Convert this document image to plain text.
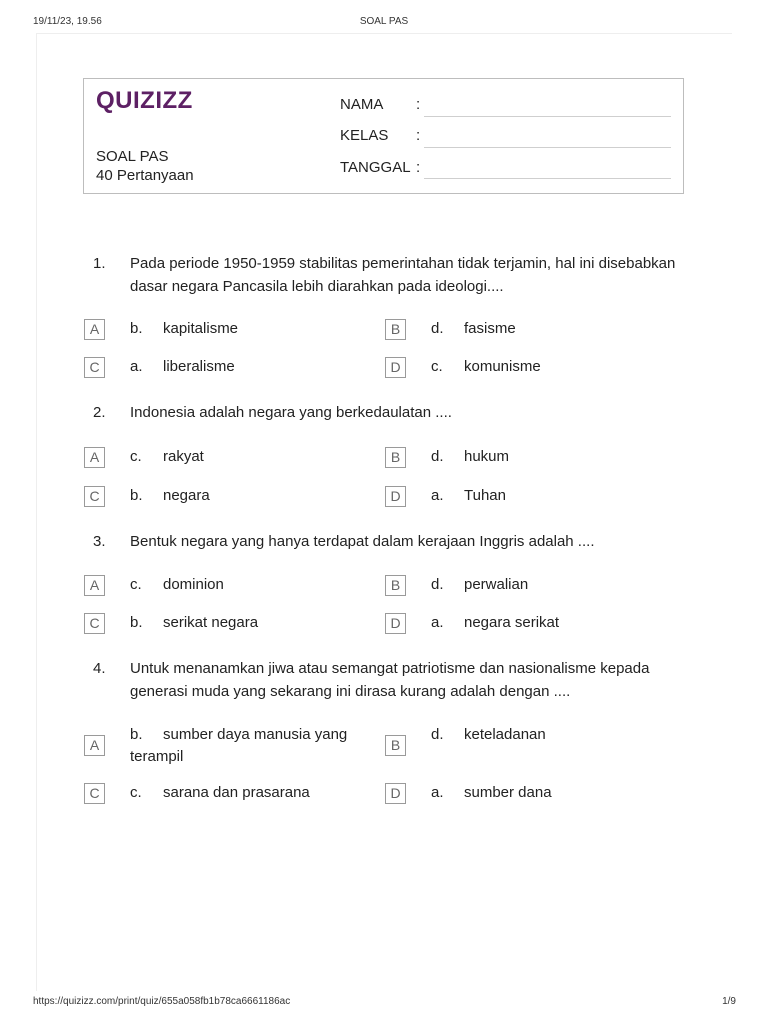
19/11/23, 19.56	SOAL PAS
https://quizizz.com/print/quiz/655a058fb1b78ca6661186ac	1/9
QUIZIZZ
SOAL PAS
40 Pertanyaan
NAMA :
KELAS :
TANGGAL :
1. Pada periode 1950-1959 stabilitas pemerintahan tidak terjamin, hal ini disebabkan dasar negara Pancasila lebih diarahkan pada ideologi....
A	b. kapitalisme	B	d. fasisme
C	a. liberalisme	D	c. komunisme
2. Indonesia adalah negara yang berkedaulatan ....
A	c. rakyat	B	d. hukum
C	b. negara	D	a. Tuhan
3. Bentuk negara yang hanya terdapat dalam kerajaan Inggris adalah ....
A	c. dominion	B	d. perwalian
C	b. serikat negara	D	a. negara serikat
4. Untuk menanamkan jiwa atau semangat patriotisme dan nasionalisme kepada generasi muda yang sekarang ini dirasa kurang adalah dengan ....
A
b. sumber daya manusia yang terampil
B
d. keteladanan
C	c. sarana dan prasarana	D	a. sumber dana
